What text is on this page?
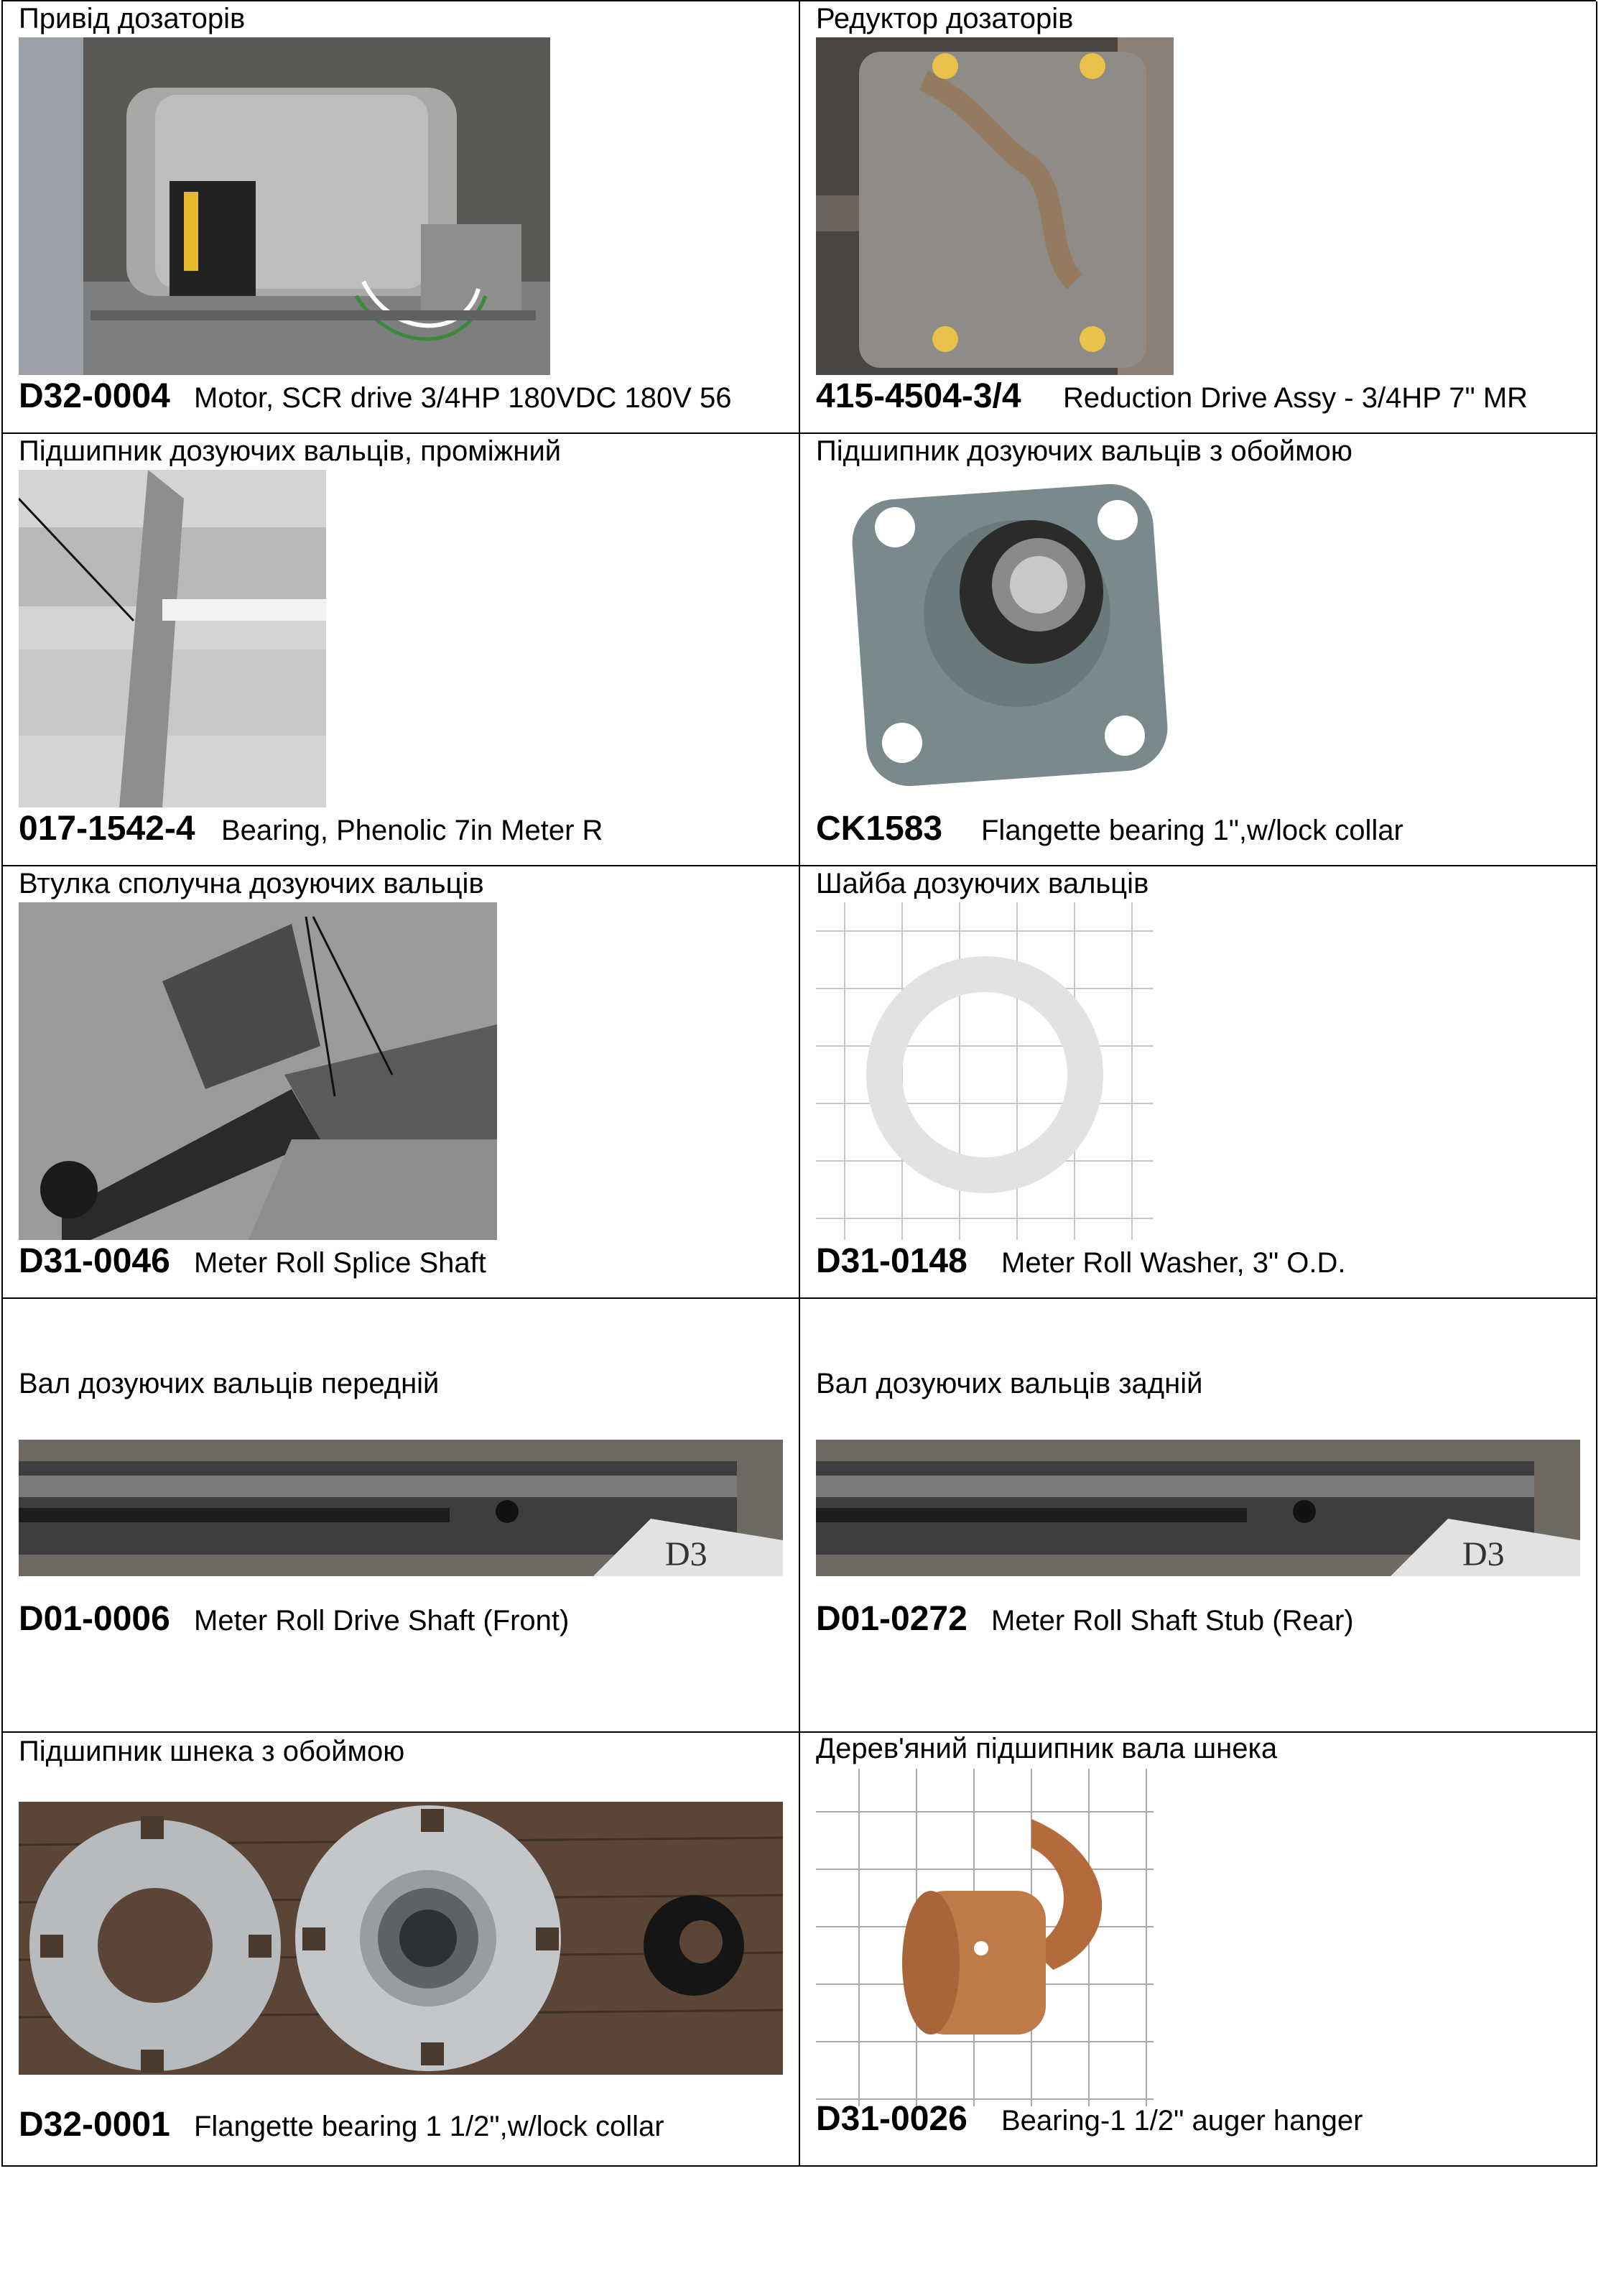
Привід дозаторів
D32-0004 Motor, SCR drive 3/4HP 180VDC 180V 56
Редуктор дозаторів
415-4504-3/4 Reduction Drive Assy - 3/4HP 7" MR
Підшипник дозуючих вальців, проміжний
017-1542-4 Bearing, Phenolic 7in Meter R
Підшипник дозуючих вальців з обоймою
CK1583 Flangette bearing 1",w/lock collar
Втулка сполучна дозуючих вальців
D31-0046 Meter Roll Splice Shaft
Шайба дозуючих вальців
D31-0148 Meter Roll Washer, 3" O.D.
Вал дозуючих вальців передній
D3
D01-0006 Meter Roll Drive Shaft (Front)
Вал дозуючих вальців задній
D3
D01-0272 Meter Roll Shaft Stub (Rear)
Підшипник шнека з обоймою
D32-0001 Flangette bearing 1 1/2",w/lock collar
Дерев'яний підшипник вала шнека
D31-0026 Bearing-1 1/2" auger hanger
